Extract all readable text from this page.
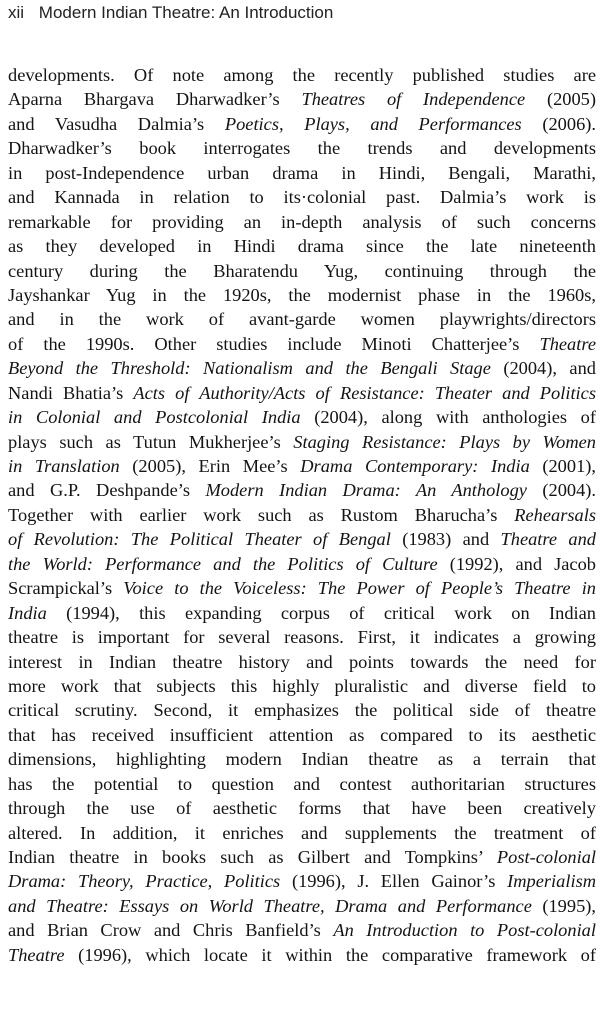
xii Modern Indian Theatre: An Introduction
developments. Of note among the recently published studies are
Aparna Bhargava Dharwadker’s Theatres of Independence (2005)
and Vasudha Dalmia’s Poetics, Plays, and Performances (2006).
Dharwadker’s book interrogates the trends and developments
in post-Independence urban drama in Hindi, Bengali, Marathi,
and Kannada in relation to its·colonial past. Dalmia’s work is
remarkable for providing an in-depth analysis of such concerns
as they developed in Hindi drama since the late nineteenth
century during the Bharatendu Yug, continuing through the
Jayshankar Yug in the 1920s, the modernist phase in the 1960s,
and in the work of avant-garde women playwrights/directors
of the 1990s. Other studies include Minoti Chatterjee’s Theatre
Beyond the Threshold: Nationalism and the Bengali Stage (2004), and
Nandi Bhatia’s Acts of Authority/Acts of Resistance: Theater and Politics
in Colonial and Postcolonial India (2004), along with anthologies of
plays such as Tutun Mukherjee’s Staging Resistance: Plays by Women
in Translation (2005), Erin Mee’s Drama Contemporary: India (2001),
and G.P. Deshpande’s Modern Indian Drama: An Anthology (2004).
Together with earlier work such as Rustom Bharucha’s Rehearsals
of Revolution: The Political Theater of Bengal (1983) and Theatre and
the World: Performance and the Politics of Culture (1992), and Jacob
Scrampickal’s Voice to the Voiceless: The Power of People’s Theatre in
India (1994), this expanding corpus of critical work on Indian
theatre is important for several reasons. First, it indicates a growing
interest in Indian theatre history and points towards the need for
more work that subjects this highly pluralistic and diverse field to
critical scrutiny. Second, it emphasizes the political side of theatre
that has received insufficient attention as compared to its aesthetic
dimensions, highlighting modern Indian theatre as a terrain that
has the potential to question and contest authoritarian structures
through the use of aesthetic forms that have been creatively
altered. In addition, it enriches and supplements the treatment of
Indian theatre in books such as Gilbert and Tompkins’ Post-colonial
Drama: Theory, Practice, Politics (1996), J. Ellen Gainor’s Imperialism
and Theatre: Essays on World Theatre, Drama and Performance (1995),
and Brian Crow and Chris Banfield’s An Introduction to Post-colonial
Theatre (1996), which locate it within the comparative framework of
